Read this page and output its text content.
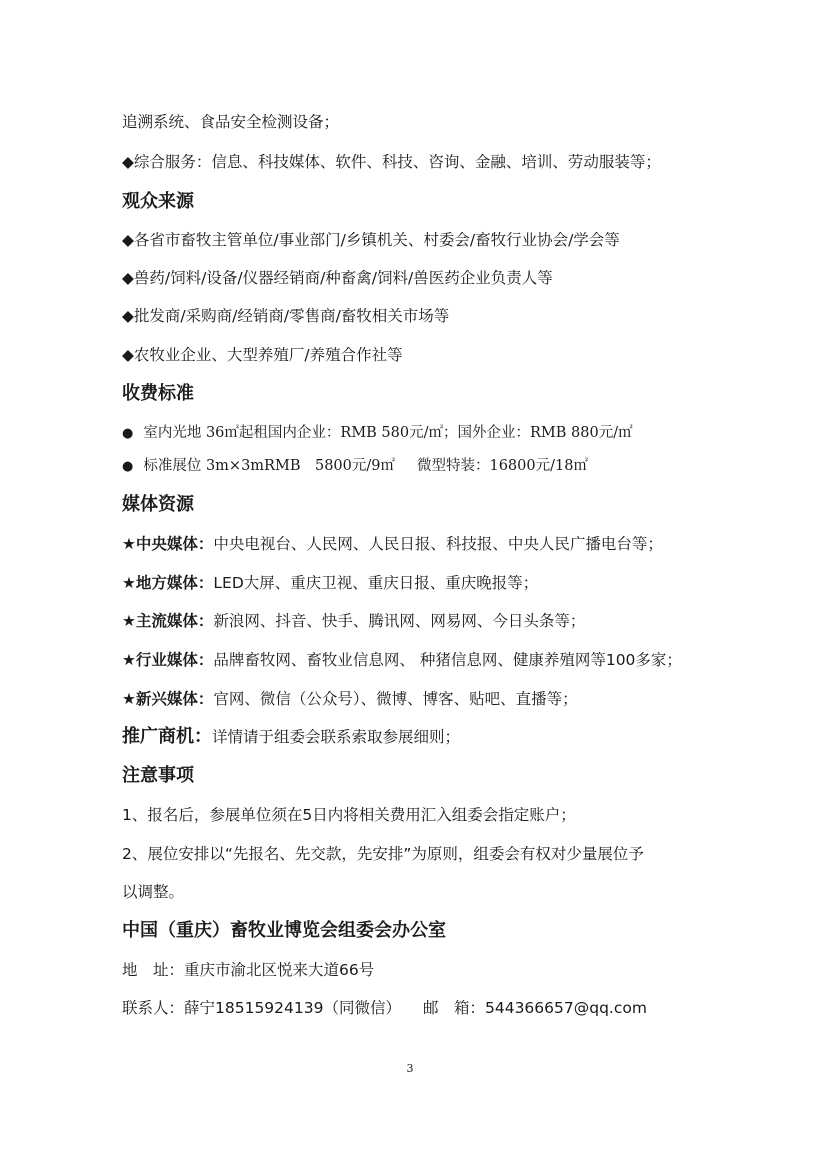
追溯系统、食品安全检测设备；
◆综合服务：信息、科技媒体、软件、科技、咨询、金融、培训、劳动服装等；
观众来源
◆各省市畜牧主管单位/事业部门/乡镇机关、村委会/畜牧行业协会/学会等
◆兽药/饲料/设备/仪器经销商/种畜禽/饲料/兽医药企业负责人等
◆批发商/采购商/经销商/零售商/畜牧相关市场等
◆农牧业企业、大型养殖厂/养殖合作社等
收费标准
● 室内光地 36㎡起租国内企业：RMB 580元/㎡；国外企业：RMB 880元/㎡
● 标准展位 3m×3mRMB　5800元/9㎡ 微型特装：16800元/18㎡
媒体资源
★中央媒体：中央电视台、人民网、人民日报、科技报、中央人民广播电台等；
★地方媒体：LED大屏、重庆卫视、重庆日报、重庆晚报等；
★主流媒体：新浪网、抖音、快手、腾讯网、网易网、今日头条等；
★行业媒体：品牌畜牧网、畜牧业信息网、 种猪信息网、健康养殖网等100多家；
★新兴媒体：官网、微信（公众号）、微博、博客、贴吧、直播等；
推广商机：详情请于组委会联系索取参展细则；
注意事项
1、报名后，参展单位须在5日内将相关费用汇入组委会指定账户；
2、展位安排以“先报名、先交款，先安排”为原则，组委会有权对少量展位予
以调整。
中国（重庆）畜牧业博览会组委会办公室
地　址：重庆市渝北区悦来大道66号
联系人：薛宁18515924139（同微信） 邮　箱：544366657@qq.com
3
